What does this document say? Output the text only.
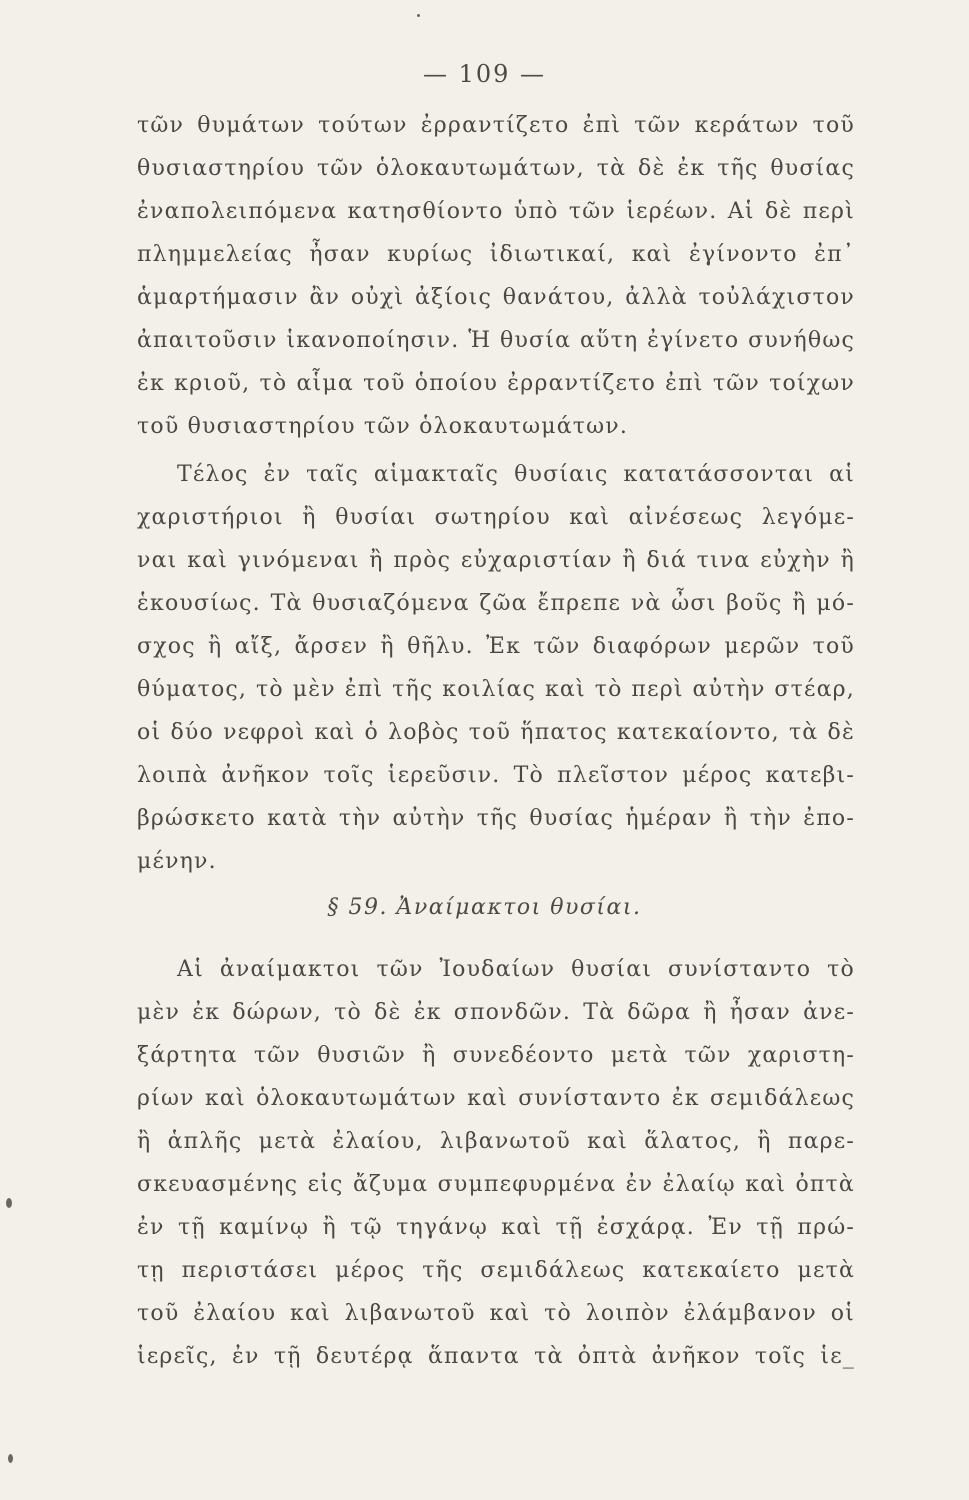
— 109 —
τῶν θυμάτων τούτων ἐρραντίζετο ἐπὶ τῶν κεράτων τοῦ
θυσιαστηρίου τῶν ὁλοκαυτωμάτων, τὰ δὲ ἐκ τῆς θυσίας
ἐναπολειπόμενα κατησθίοντο ὑπὸ τῶν ἱερέων. Αἱ δὲ περὶ
πλημμελείας ἦσαν κυρίως ἰδιωτικαί, καὶ ἐγίνοντο ἐπ᾿
ἁμαρτήμασιν ἂν οὐχὶ ἀξίοις θανάτου, ἀλλὰ τοὐλάχιστον
ἀπαιτοῦσιν ἱκανοποίησιν. Ἡ θυσία αὕτη ἐγίνετο συνήθως
ἐκ κριοῦ, τὸ αἷμα τοῦ ὁποίου ἐρραντίζετο ἐπὶ τῶν τοίχων
τοῦ θυσιαστηρίου τῶν ὁλοκαυτωμάτων.
Τέλος ἐν ταῖς αἱμακταῖς θυσίαις κατατάσσονται αἱ
χαριστήριοι ἢ θυσίαι σωτηρίου καὶ αἰνέσεως λεγόμε-
ναι καὶ γινόμεναι ἢ πρὸς εὐχαριστίαν ἢ διά τινα εὐχὴν ἢ
ἑκουσίως. Τὰ θυσιαζόμενα ζῶα ἔπρεπε νὰ ὦσι βοῦς ἢ μό-
σχος ἢ αἴξ, ἄρσεν ἢ θῆλυ. Ἐκ τῶν διαφόρων μερῶν τοῦ
θύματος, τὸ μὲν ἐπὶ τῆς κοιλίας καὶ τὸ περὶ αὐτὴν στέαρ,
οἱ δύο νεφροὶ καὶ ὁ λοβὸς τοῦ ἥπατος κατεκαίοντο, τὰ δὲ
λοιπὰ ἀνῆκον τοῖς ἱερεῦσιν. Τὸ πλεῖστον μέρος κατεβι-
βρώσκετο κατὰ τὴν αὐτὴν τῆς θυσίας ἡμέραν ἢ τὴν ἐπο-
μένην.
§ 59. Ἀναίμακτοι θυσίαι.
Αἱ ἀναίμακτοι τῶν Ἰουδαίων θυσίαι συνίσταντο τὸ
μὲν ἐκ δώρων, τὸ δὲ ἐκ σπονδῶν. Τὰ δῶρα ἢ ἦσαν ἀνε-
ξάρτητα τῶν θυσιῶν ἢ συνεδέοντο μετὰ τῶν χαριστη-
ρίων καὶ ὁλοκαυτωμάτων καὶ συνίσταντο ἐκ σεμιδάλεως
ἢ ἁπλῆς μετὰ ἐλαίου, λιβανωτοῦ καὶ ἅλατος, ἢ παρε-
σκευασμένης εἰς ἄζυμα συμπεφυρμένα ἐν ἐλαίῳ καὶ ὀπτὰ
ἐν τῇ καμίνῳ ἢ τῷ τηγάνῳ καὶ τῇ ἐσχάρᾳ. Ἐν τῇ πρώ-
τῃ περιστάσει μέρος τῆς σεμιδάλεως κατεκαίετο μετὰ
τοῦ ἐλαίου καὶ λιβανωτοῦ καὶ τὸ λοιπὸν ἐλάμβανον οἱ
ἱερεῖς, ἐν τῇ δευτέρᾳ ἅπαντα τὰ ὀπτὰ ἀνῆκον τοῖς ἱε_
